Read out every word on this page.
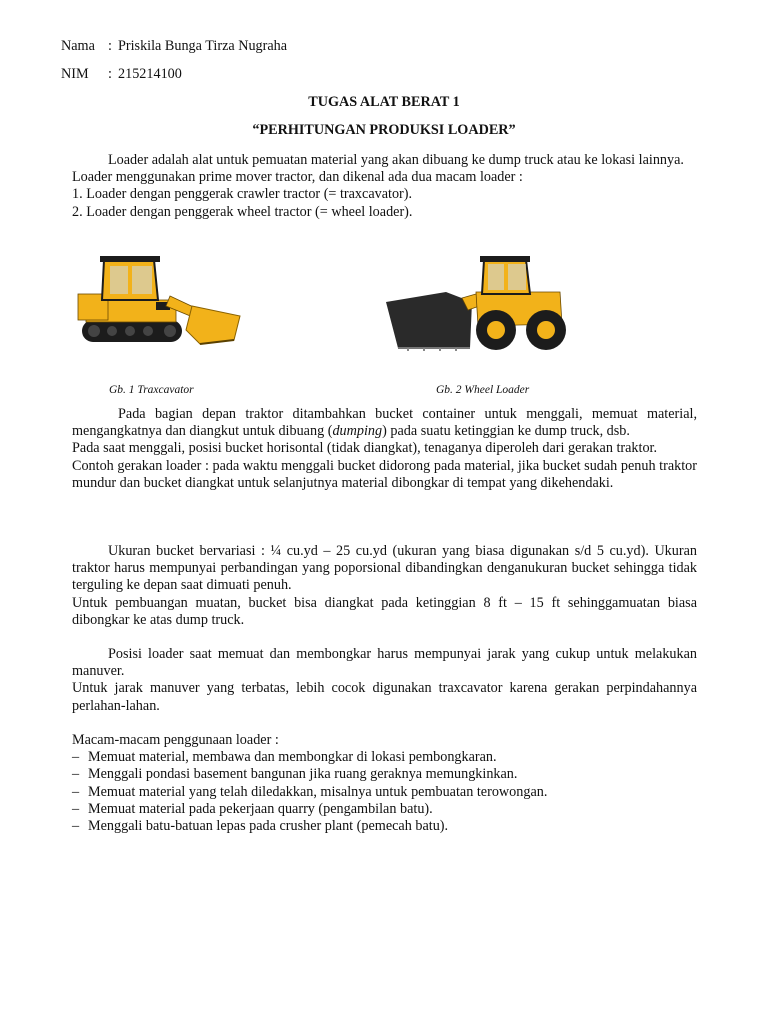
Nama : Priskila Bunga Tirza Nugraha
NIM	: 215214100
TUGAS ALAT BERAT 1
“PERHITUNGAN PRODUKSI LOADER”

Loader adalah alat untuk pemuatan material yang akan dibuang ke dump truck atau ke lokasi lainnya.

Loader menggunakan prime mover tractor, dan dikenal ada dua macam loader :

1. Loader dengan penggerak crawler tractor (= traxcavator).

2. Loader dengan penggerak wheel tractor (= wheel loader).

Gb. 1 Traxcavator	Gb. 2 Wheel Loader

Pada bagian depan traktor ditambahkan bucket container untuk menggali, memuat material, mengangkatnya dan diangkut untuk dibuang (dumping) pada suatu ketinggian ke dump truck, dsb.

Pada saat menggali, posisi bucket horisontal (tidak diangkat), tenaganya diperoleh dari gerakan traktor.

Contoh gerakan loader : pada waktu menggali bucket didorong pada material, jika bucket sudah penuh traktor mundur dan bucket diangkat untuk selanjutnya material dibongkar di tempat yang dikehendaki.

Ukuran bucket bervariasi : ¼ cu.yd – 25 cu.yd (ukuran yang biasa digunakan s/d 5 cu.yd). Ukuran traktor harus mempunyai perbandingan yang poporsional dibandingkan denganukuran bucket sehingga tidak terguling ke depan saat dimuati penuh.

Untuk pembuangan muatan, bucket bisa diangkat pada ketinggian 8 ft – 15 ft sehinggamuatan biasa dibongkar ke atas dump truck.

Posisi loader saat memuat dan membongkar harus mempunyai jarak yang cukup untuk melakukan manuver.

Untuk jarak manuver yang terbatas, lebih cocok digunakan traxcavator karena gerakan perpindahannya perlahan-lahan.

Macam-macam penggunaan loader :

– Memuat material, membawa dan membongkar di lokasi pembongkaran.
– Menggali pondasi basement bangunan jika ruang geraknya memungkinkan.
– Memuat material yang telah diledakkan, misalnya untuk pembuatan terowongan.
– Memuat material pada pekerjaan quarry (pengambilan batu).
– Menggali batu-batuan lepas pada crusher plant (pemecah batu).
